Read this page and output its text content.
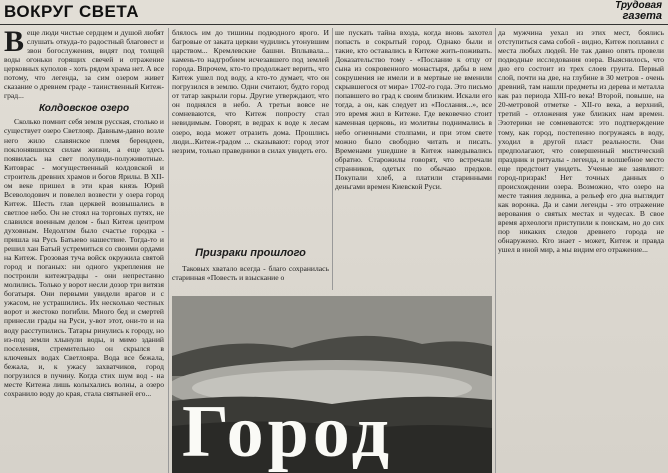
ВОКРУГ СВЕТА	Трудовая
газета
В еще люди чистые сердцем и душой любят слушать откуда-то радостный благовест и звон богослужения, видят под толщей воды огоньки горящих свечей и отражение церковных куполов - хоть рядом храма нет. А все потому, что легенда, за сим озером живет сказание о древнем граде - таинственный Китеж-град...

Колдовское озеро

Сколько помнит себя земля русская, столько и существует озеро Светлояр. Давным-давно возле него жило славянское племя берендеев, поклонявшихся силам жизни, а еще здесь появилась на свет полулюди-полуживотные. Китоврас - могущественный колдовской и строитель древних храмов и богов Ярилы. В XII-ом веке пришел в эти края князь Юрий Всеволодович и повелел возвести у озера город Китеж. Шесть глав церквей возвышались в светлое небо. Он не стоял на торговых путях, не славился военным делом - был Китеж центром духовным. Недолгим было счастье городка - пришла на Русь Батыево нашествие. Тогда-то и решил хан Батый устремиться со своими ордами на Китеж. Грозовая туча войск окружила святой город и поганых: ни одного укрепления не построили китежградцы - они непрестанно молились. Только у ворот несли дозор три витязя богатыря. Они первыми увидели врагов и с ужасом, не устрашились. Их несколько честных ворот и жестоко погибли. Много бед и смертей принесли грады на Руси, у-вот этот, они-то и на воду расступились. Татары ринулись к городу, но из-под земли хлынули воды, и мимо зданий поселения, стремительно он скрылся в ключевых водах Светлояра. Вода все бежала, бежала, и, к ужасу захватчиков, город погрузился в пучину. Когда стих шум вод - на месте Китежа лишь колыхались волны, а озеро сохранило воду до края, стала святыней его...

блялось им до тишины подводного ярого. И багровые от заката церкви чудились утонувшим царством... Кремлевские башни. Вплывала... камень-то надгробием исчезавшего под землей города. Впрочем, кто-то продолжает верить, что Китеж ушел под воду, а кто-то думает, что он погрузился в землю. Одни считают, будто город от татар закрыли горы. Другие утверждают, что он поднялся в небо. А третьи вовсе не сомневаются, что Китеж попросту стал невидимым. Говорят, в ведрах к воде к лесам озеро, вода может отразить дома. Прошлись люди...Китеж-градом ... сказывают: город этот незрим, только праведники в силах увидеть его.

ше пускать тайна входа, когда вновь захотел попасть в сокрытый город. Однако были и такие, кто оставались в Китеже жить-поживать. Доказательство тому - «Послание к отцу от сына из сокровенного монастыря, дабы в нем сокрушения не имели и в мертвые не вменили скрывшегося от мира» 1702-го года. Это письмо попавшего во град к своим близким. Искали его тогда, а он, как следует из «Послания...», все это время жил в Китеже. Где вековечно стоит каменная церковь, из молитвы поднимались в небо огненными столпами, и при этом свете можно было свободно читать и писать. Временами ушедшие в Китеж наведывались обратно. Старожилы говорят, что встречали странников, одетых по обычаю предков. Покупали хлеб, а платили старинными деньгами времен Киевской Руси.

Призраки прошлого

Таковых хватало всегда - благо сохранилась старинная «Повесть и взыскание о

да мужчина уехал из этих мест, боялись отступиться сама собой - видно, Китеж поплавил с места любых людей. Не так давно опять провели подводные исследования озера. Выяснилось, что дно его состоит из трех слоев грунта. Первый слой, почти на две, на глубине в 30 метров - очень древний, там нашли предметы из дерева и металла как раз периода XIII-го века! Второй, повыше, на 20-метровой отметке - XII-го века, а верхний, третий - отложения уже близких нам времен. Эзотерики не сомневаются: это подтверждение тому, как город, постепенно погружаясь в воду, уходил в другой пласт реальности. Они предполагают, что совершенный мистический праздник и ритуалы - легенда, и волшебное место еще предстоит увидеть. Ученые же заявляют: город-призрак! Нет точных данных о происхождении озера. Возможно, что озеро на месте таяния ледника, а рельеф его дна выглядит как воронка. Да и сами легенды - это отражение верования о святых местах и чудесах. В свое время археологи приступили к поискам, но до сих пор никаких следов древнего города не обнаружено. Кто знает - может, Китеж и правда ушел в иной мир, а мы видим его отражение...

Город
